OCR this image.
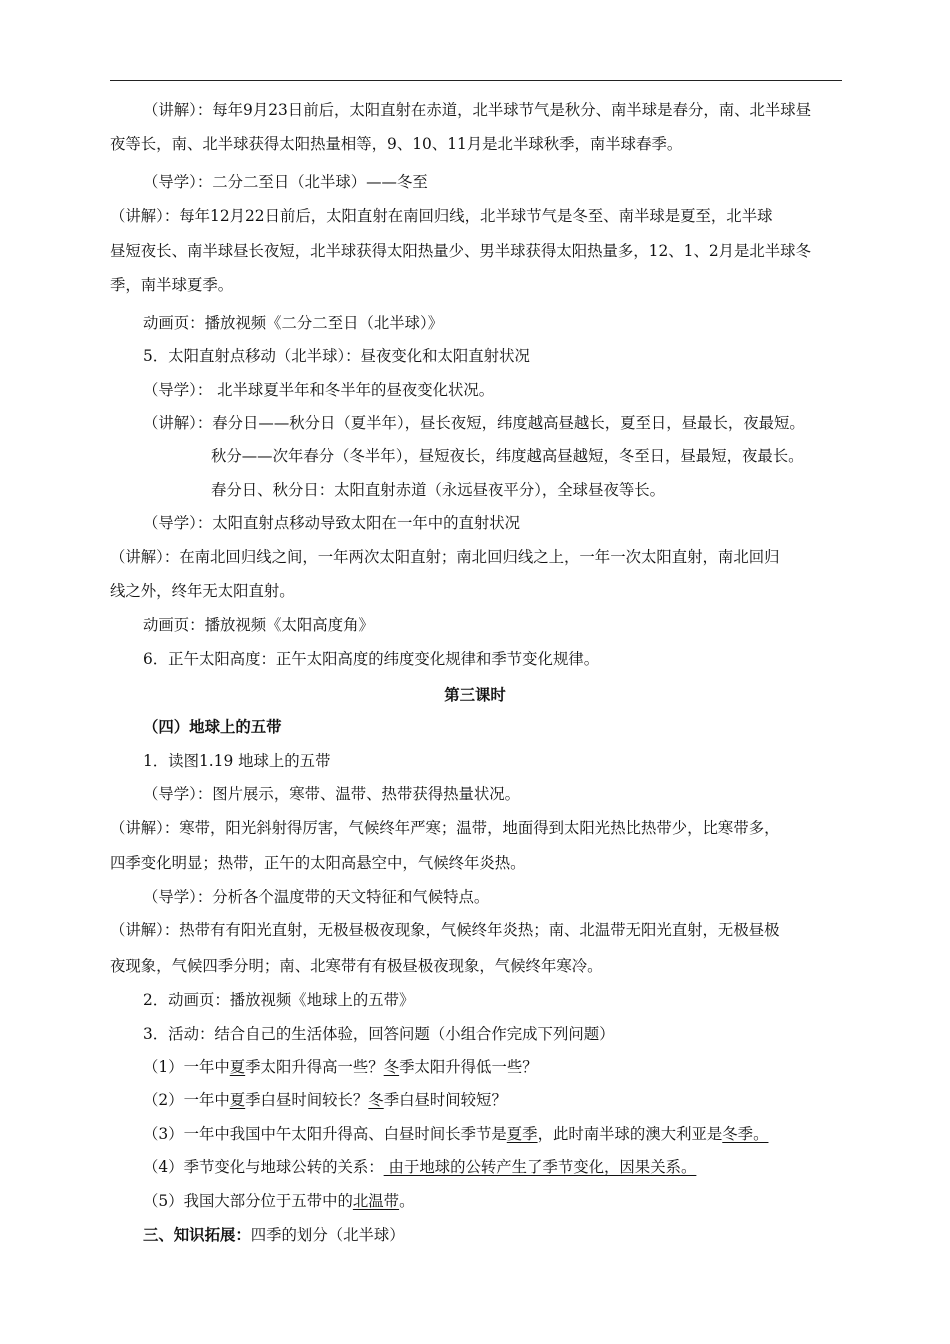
（讲解）：每年9月23日前后，太阳直射在赤道，北半球节气是秋分、南半球是春分，南、北半球昼
夜等长，南、北半球获得太阳热量相等，9、10、11月是北半球秋季，南半球春季。
（导学）：二分二至日（北半球）——冬至
（讲解）：每年12月22日前后，太阳直射在南回归线，北半球节气是冬至、南半球是夏至，北半球
昼短夜长、南半球昼长夜短，北半球获得太阳热量少、男半球获得太阳热量多，12、1、2月是北半球冬
季，南半球夏季。
动画页：播放视频《二分二至日（北半球）》
5．太阳直射点移动（北半球）：昼夜变化和太阳直射状况
（导学）： 北半球夏半年和冬半年的昼夜变化状况。
（讲解）：春分日——秋分日（夏半年），昼长夜短，纬度越高昼越长，夏至日，昼最长，夜最短。
秋分——次年春分（冬半年），昼短夜长，纬度越高昼越短，冬至日，昼最短，夜最长。
春分日、秋分日：太阳直射赤道（永远昼夜平分），全球昼夜等长。
（导学）：太阳直射点移动导致太阳在一年中的直射状况
（讲解）：在南北回归线之间，一年两次太阳直射；南北回归线之上，一年一次太阳直射，南北回归
线之外，终年无太阳直射。
动画页：播放视频《太阳高度角》
6．正午太阳高度：正午太阳高度的纬度变化规律和季节变化规律。
第三课时
（四）地球上的五带
1．读图1.19 地球上的五带
（导学）：图片展示，寒带、温带、热带获得热量状况。
（讲解）：寒带，阳光斜射得厉害，气候终年严寒；温带，地面得到太阳光热比热带少，比寒带多，
四季变化明显；热带，正午的太阳高悬空中，气候终年炎热。
（导学）：分析各个温度带的天文特征和气候特点。
（讲解）：热带有有阳光直射，无极昼极夜现象，气候终年炎热；南、北温带无阳光直射，无极昼极
夜现象，气候四季分明；南、北寒带有有极昼极夜现象，气候终年寒冷。
2．动画页：播放视频《地球上的五带》
3．活动：结合自己的生活体验，回答问题（小组合作完成下列问题）
（1）一年中夏季太阳升得高一些？冬季太阳升得低一些？
（2）一年中夏季白昼时间较长？冬季白昼时间较短？
（3）一年中我国中午太阳升得高、白昼时间长季节是夏季，此时南半球的澳大利亚是冬季。
（4）季节变化与地球公转的关系： 由于地球的公转产生了季节变化，因果关系。
（5）我国大部分位于五带中的北温带。
三、知识拓展：四季的划分（北半球）
